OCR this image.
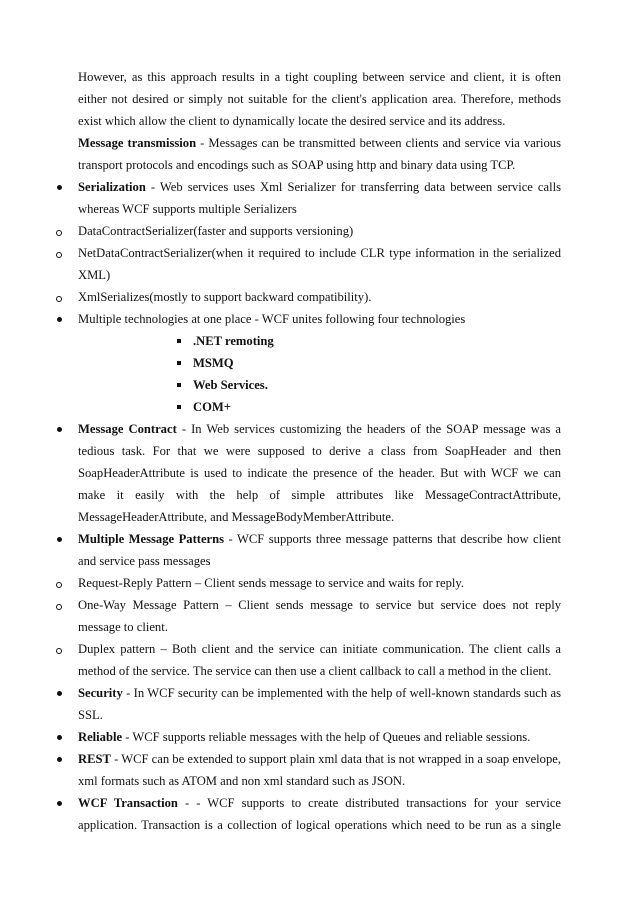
However, as this approach results in a tight coupling between service and client, it is often either not desired or simply not suitable for the client's application area. Therefore, methods exist which allow the client to dynamically locate the desired service and its address.
Message transmission - Messages can be transmitted between clients and service via various transport protocols and encodings such as SOAP using http and binary data using TCP.
Serialization - Web services uses Xml Serializer for transferring data between service calls whereas WCF supports multiple Serializers
DataContractSerializer(faster and supports versioning)
NetDataContractSerializer(when it required to include CLR type information in the serialized XML)
XmlSerializes(mostly to support backward compatibility).
Multiple technologies at one place - WCF unites following four technologies
.NET remoting
MSMQ
Web Services.
COM+
Message Contract - In Web services customizing the headers of the SOAP message was a tedious task. For that we were supposed to derive a class from SoapHeader and then SoapHeaderAttribute is used to indicate the presence of the header. But with WCF we can make it easily with the help of simple attributes like MessageContractAttribute, MessageHeaderAttribute, and MessageBodyMemberAttribute.
Multiple Message Patterns - WCF supports three message patterns that describe how client and service pass messages
Request-Reply Pattern – Client sends message to service and waits for reply.
One-Way Message Pattern – Client sends message to service but service does not reply message to client.
Duplex pattern – Both client and the service can initiate communication. The client calls a method of the service. The service can then use a client callback to call a method in the client.
Security - In WCF security can be implemented with the help of well-known standards such as SSL.
Reliable - WCF supports reliable messages with the help of Queues and reliable sessions.
REST - WCF can be extended to support plain xml data that is not wrapped in a soap envelope, xml formats such as ATOM and non xml standard such as JSON.
WCF Transaction - - WCF supports to create distributed transactions for your service application. Transaction is a collection of logical operations which need to be run as a single
